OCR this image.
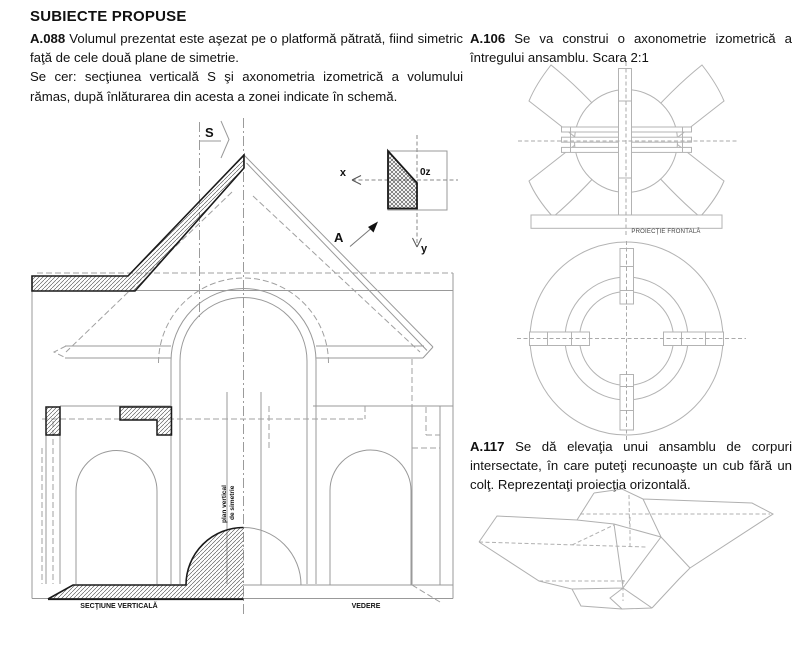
SUBIECTE PROPUSE

A.088 Volumul prezentat este aşezat pe o platformă pătrată, fiind simetric faţă de cele două plane de simetrie.

Se cer: secţiunea verticală S şi axonometria izometrică a volumului rămas, după înlăturarea din acesta a zonei indicate în schemă.

A.106 Se va construi o axonometrie izometrică a întregului ansamblu. Scara 2:1

A.117 Se dă elevaţia unui ansamblu de corpuri intersectate, în care puteţi recunoaşte un cub fără un colţ. Reprezentaţi proiecţia orizontală.

x
y
0z
S
A
plan vertical de simetrie
SECŢIUNE VERTICALĂ	VEDERE
PROIECŢIE FRONTALĂ
